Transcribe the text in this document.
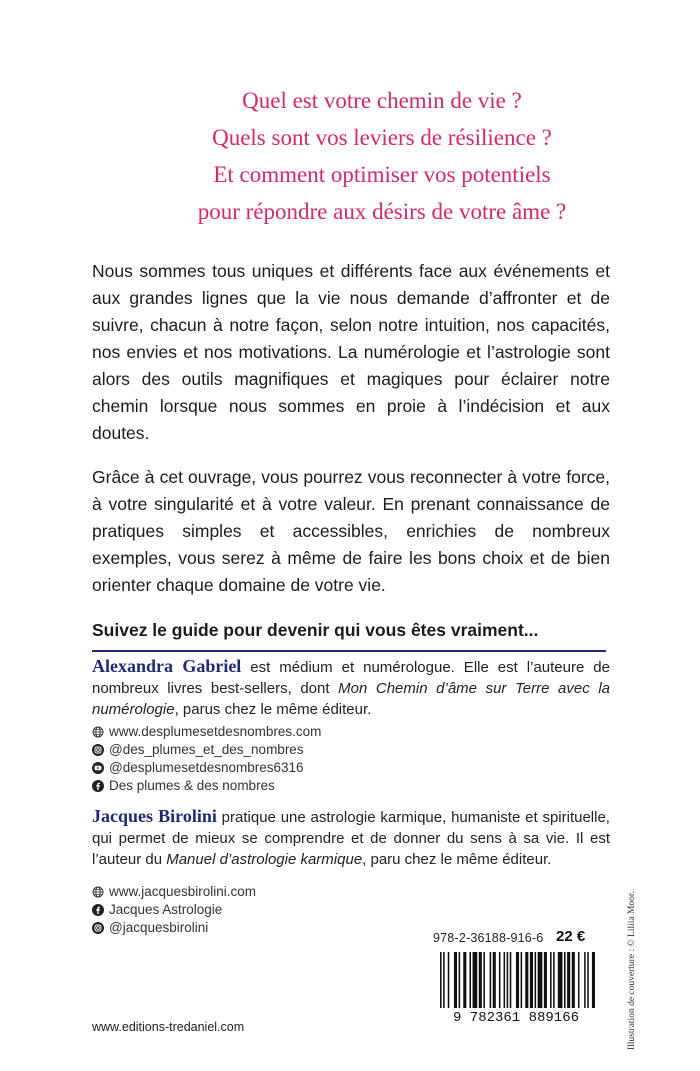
Quel est votre chemin de vie ?
Quels sont vos leviers de résilience ?
Et comment optimiser vos potentiels
pour répondre aux désirs de votre âme ?

Nous sommes tous uniques et différents face aux événements et aux grandes lignes que la vie nous demande d’affronter et de suivre, chacun à notre façon, selon notre intuition, nos capacités, nos envies et nos motivations. La numérologie et l’astrologie sont alors des outils magnifiques et magiques pour éclairer notre chemin lorsque nous sommes en proie à l’indécision et aux doutes.

Grâce à cet ouvrage, vous pourrez vous reconnecter à votre force, à votre singularité et à votre valeur. En prenant connaissance de pratiques simples et accessibles, enrichies de nombreux exemples, vous serez à même de faire les bons choix et de bien orienter chaque domaine de votre vie.

Suivez le guide pour devenir qui vous êtes vraiment...

Alexandra Gabriel est médium et numérologue. Elle est l’auteure de nombreux livres best-sellers, dont Mon Chemin d’âme sur Terre avec la numérologie, parus chez le même éditeur.
www.desplumesetdesnombres.com
@des_plumes_et_des_nombres
@desplumesetdesnombres6316
Des plumes & des nombres
Jacques Birolini pratique une astrologie karmique, humaniste et spirituelle, qui permet de mieux se comprendre et de donner du sens à sa vie. Il est l’auteur du Manuel d’astrologie karmique, paru chez le même éditeur.
www.jacquesbirolini.com
Jacques Astrologie
@jacquesbirolini	Illustration de couverture : © Liliia Moor.
978-2-36188-916-6 22 €
9 782361 889166
www.editions-tredaniel.com
